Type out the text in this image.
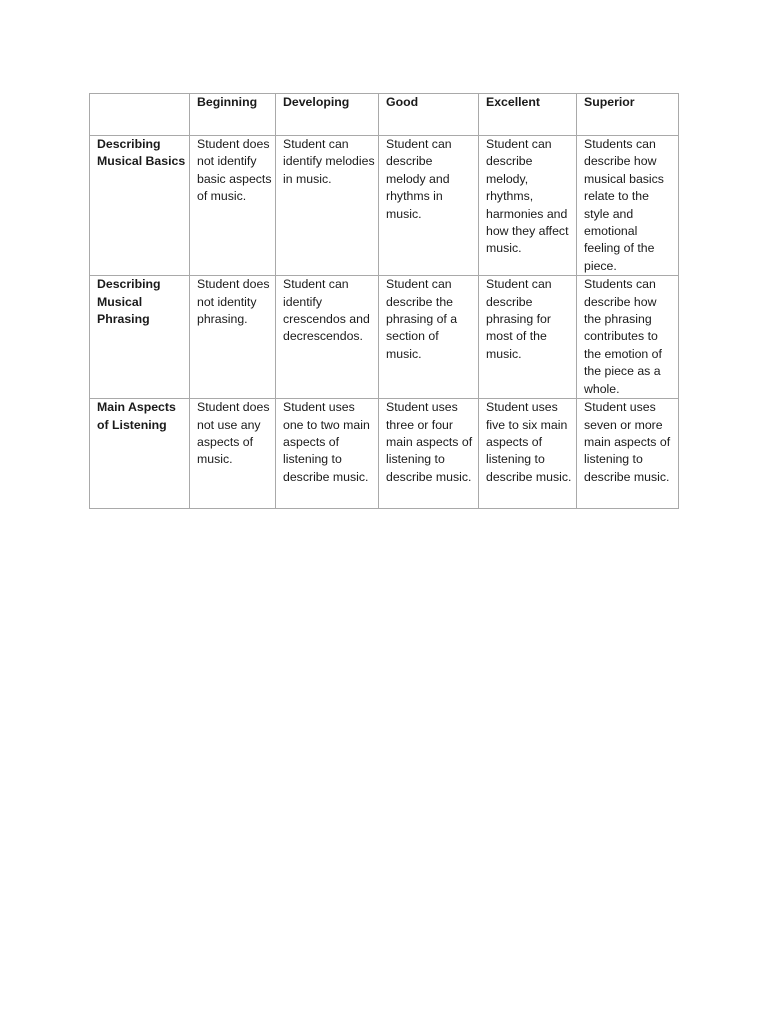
	Beginning	Developing	Good	Excellent	Superior
Describing Musical Basics	Student does not identify basic aspects of music.	Student can identify melodies in music.	Student can describe melody and rhythms in music.	Student can describe melody, rhythms, harmonies and how they affect music.	Students can describe how musical basics relate to the style and emotional feeling of the piece.
Describing Musical Phrasing	Student does not identity phrasing.	Student can identify crescendos and decrescendos.	Student can describe the phrasing of a section of music.	Student can describe phrasing for most of the music.	Students can describe how the phrasing contributes to the emotion of the piece as a whole.
Main Aspects of Listening	Student does not use any aspects of music.	Student uses one to two main aspects of listening to describe music.	Student uses three or four main aspects of listening to describe music.	Student uses five to six main aspects of listening to describe music.	Student uses seven or more main aspects of listening to describe music.
